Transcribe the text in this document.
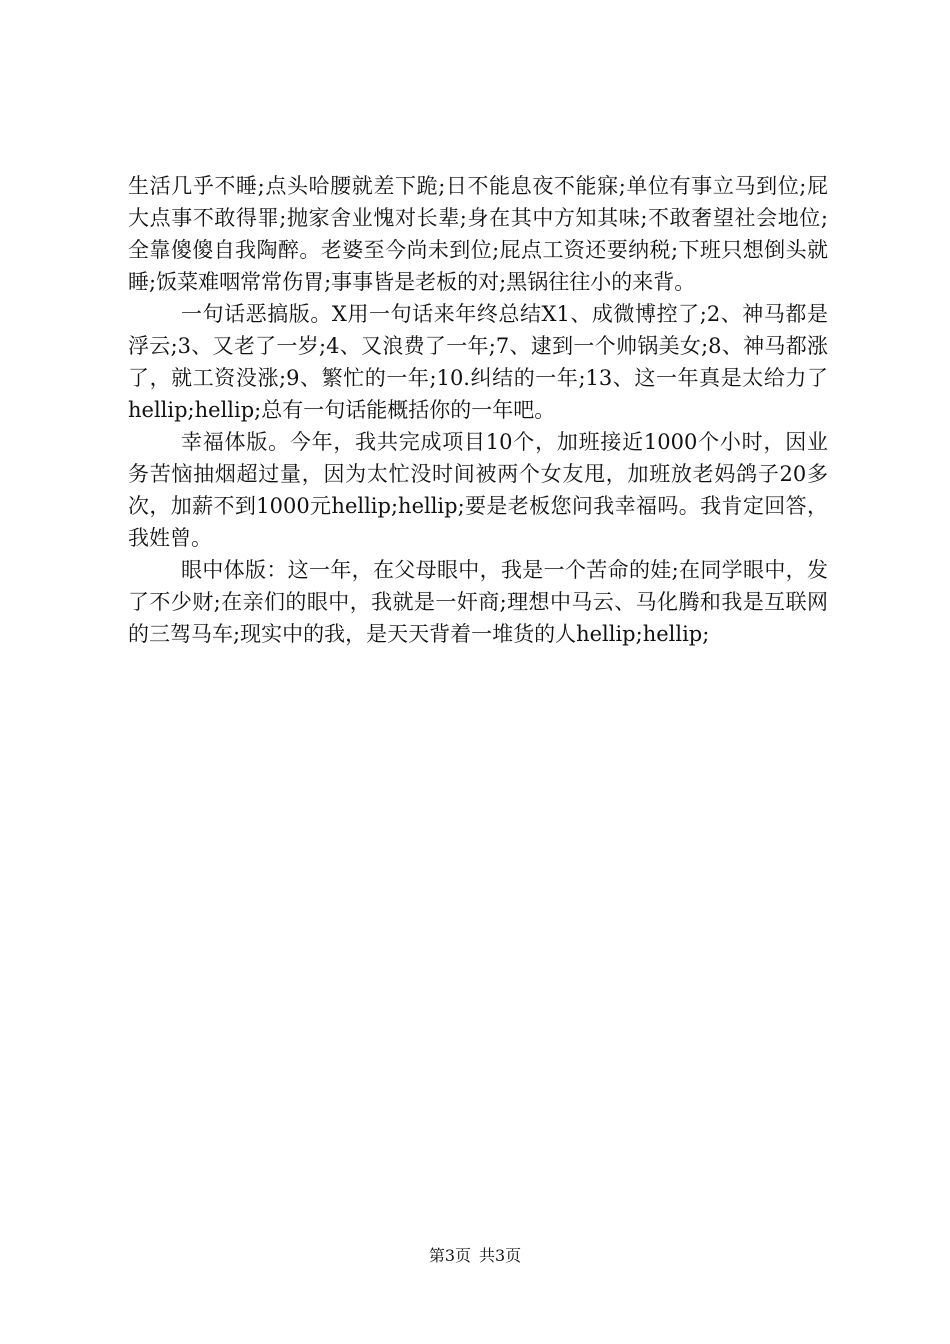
生活几乎不睡;点头哈腰就差下跪;日不能息夜不能寐;单位有事立马到位;屁大点事不敢得罪;抛家舍业愧对长辈;身在其中方知其味;不敢奢望社会地位;全靠傻傻自我陶醉。老婆至今尚未到位;屁点工资还要纳税;下班只想倒头就睡;饭菜难咽常常伤胃;事事皆是老板的对;黑锅往往小的来背。

一句话恶搞版。X用一句话来年终总结X1、成微博控了;2、神马都是浮云;3、又老了一岁;4、又浪费了一年;7、逮到一个帅锅美女;8、神马都涨了，就工资没涨;9、繁忙的一年;10.纠结的一年;13、这一年真是太给力了hellip;hellip;总有一句话能概括你的一年吧。

幸福体版。今年，我共完成项目10个，加班接近1000个小时，因业务苦恼抽烟超过量，因为太忙没时间被两个女友甩，加班放老妈鸽子20多次，加薪不到1000元hellip;hellip;要是老板您问我幸福吗。我肯定回答，我姓曾。

眼中体版：这一年，在父母眼中，我是一个苦命的娃;在同学眼中，发了不少财;在亲们的眼中，我就是一奸商;理想中马云、马化腾和我是互联网的三驾马车;现实中的我，是天天背着一堆货的人hellip;hellip;

第3页 共3页
